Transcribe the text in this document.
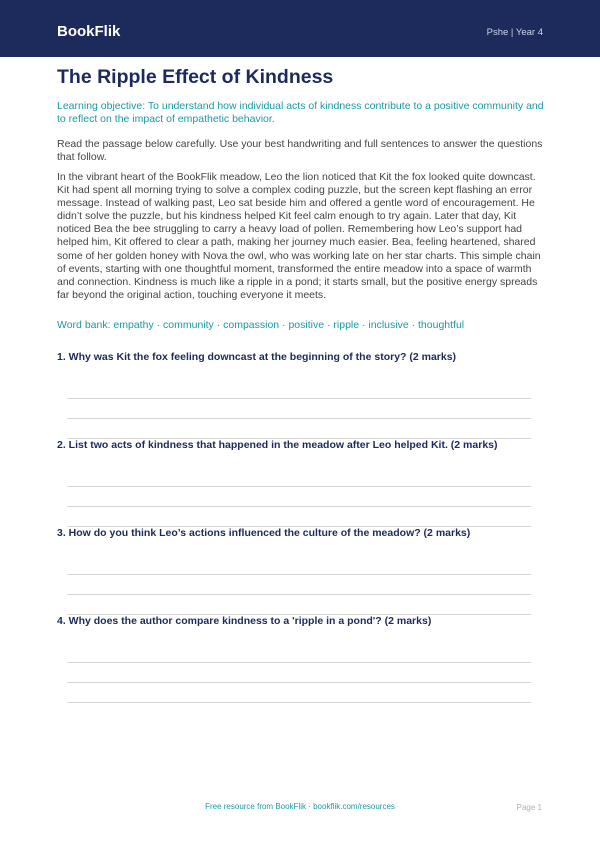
BookFlik	Pshe | Year 4
The Ripple Effect of Kindness
Learning objective: To understand how individual acts of kindness contribute to a positive community and to reflect on the impact of empathetic behavior.
Read the passage below carefully. Use your best handwriting and full sentences to answer the questions that follow.
In the vibrant heart of the BookFlik meadow, Leo the lion noticed that Kit the fox looked quite downcast. Kit had spent all morning trying to solve a complex coding puzzle, but the screen kept flashing an error message. Instead of walking past, Leo sat beside him and offered a gentle word of encouragement. He didn’t solve the puzzle, but his kindness helped Kit feel calm enough to try again. Later that day, Kit noticed Bea the bee struggling to carry a heavy load of pollen. Remembering how Leo’s support had helped him, Kit offered to clear a path, making her journey much easier. Bea, feeling heartened, shared some of her golden honey with Nova the owl, who was working late on her star charts. This simple chain of events, starting with one thoughtful moment, transformed the entire meadow into a space of warmth and connection. Kindness is much like a ripple in a pond; it starts small, but the positive energy spreads far beyond the original action, touching everyone it meets.
Word bank: empathy · community · compassion · positive · ripple · inclusive · thoughtful
1. Why was Kit the fox feeling downcast at the beginning of the story? (2 marks)
2. List two acts of kindness that happened in the meadow after Leo helped Kit. (2 marks)
3. How do you think Leo’s actions influenced the culture of the meadow? (2 marks)
4. Why does the author compare kindness to a 'ripple in a pond'? (2 marks)
Free resource from BookFlik · bookflik.com/resources	Page 1
